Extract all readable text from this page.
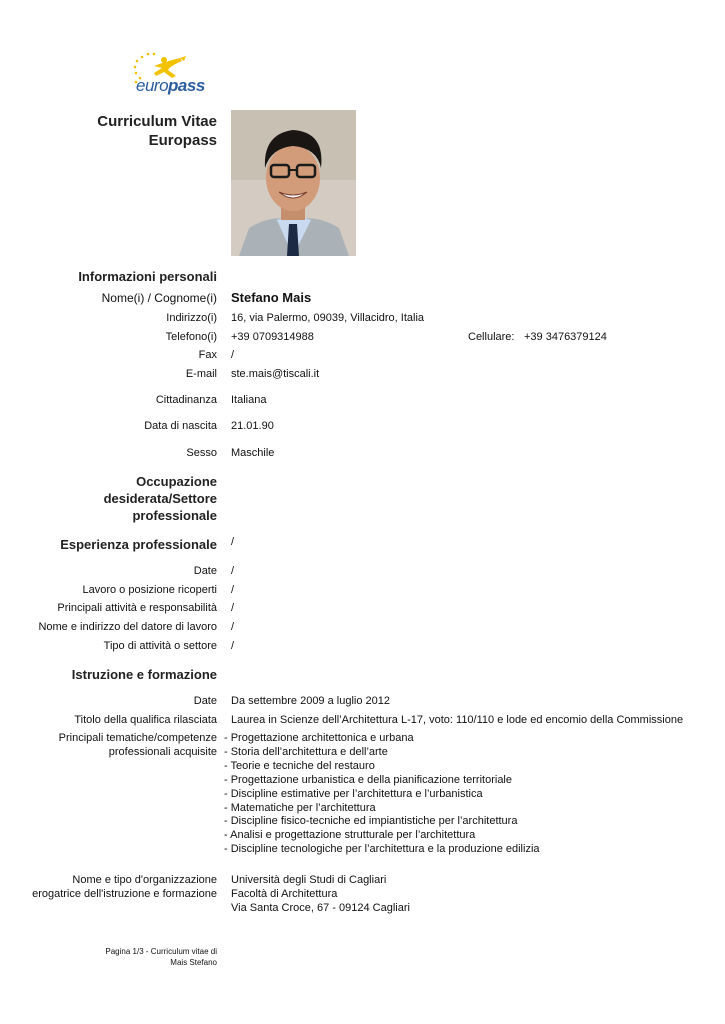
europass
Curriculum Vitae
Europass
Informazioni personali
Nome(i) / Cognome(i) Stefano Mais
Indirizzo(i) 16, via Palermo, 09039, Villacidro, Italia
Telefono(i) +39 0709314988	Cellulare: +39 3476379124
Fax /
E-mail ste.mais@tiscali.it
Cittadinanza Italiana
Data di nascita 21.01.90
Sesso Maschile
Occupazione
desiderata/Settore
professionale
Esperienza professionale /
Date /
Lavoro o posizione ricoperti /
Principali attività e responsabilità /
Nome e indirizzo del datore di lavoro /
Tipo di attività o settore /
Istruzione e formazione
Date Da settembre 2009 a luglio 2012
Titolo della qualifica rilasciata Laurea in Scienze dell’Architettura L-17, voto: 110/110 e lode ed encomio della Commissione
Principali tematiche/competenze
professionali acquisite
- Progettazione architettonica e urbana
- Storia dell’architettura e dell’arte
- Teorie e tecniche del restauro
- Progettazione urbanistica e della pianificazione territoriale
- Discipline estimative per l’architettura e l’urbanistica
- Matematiche per l’architettura
- Discipline fisico-tecniche ed impiantistiche per l’architettura
- Analisi e progettazione strutturale per l’architettura
- Discipline tecnologiche per l’architettura e la produzione edilizia
Nome e tipo d'organizzazione
erogatrice dell'istruzione e formazione
Università degli Studi di Cagliari
Facoltà di Architettura
Via Santa Croce, 67 - 09124 Cagliari
Pagina 1/3 - Curriculum vitae di
Mais Stefano
